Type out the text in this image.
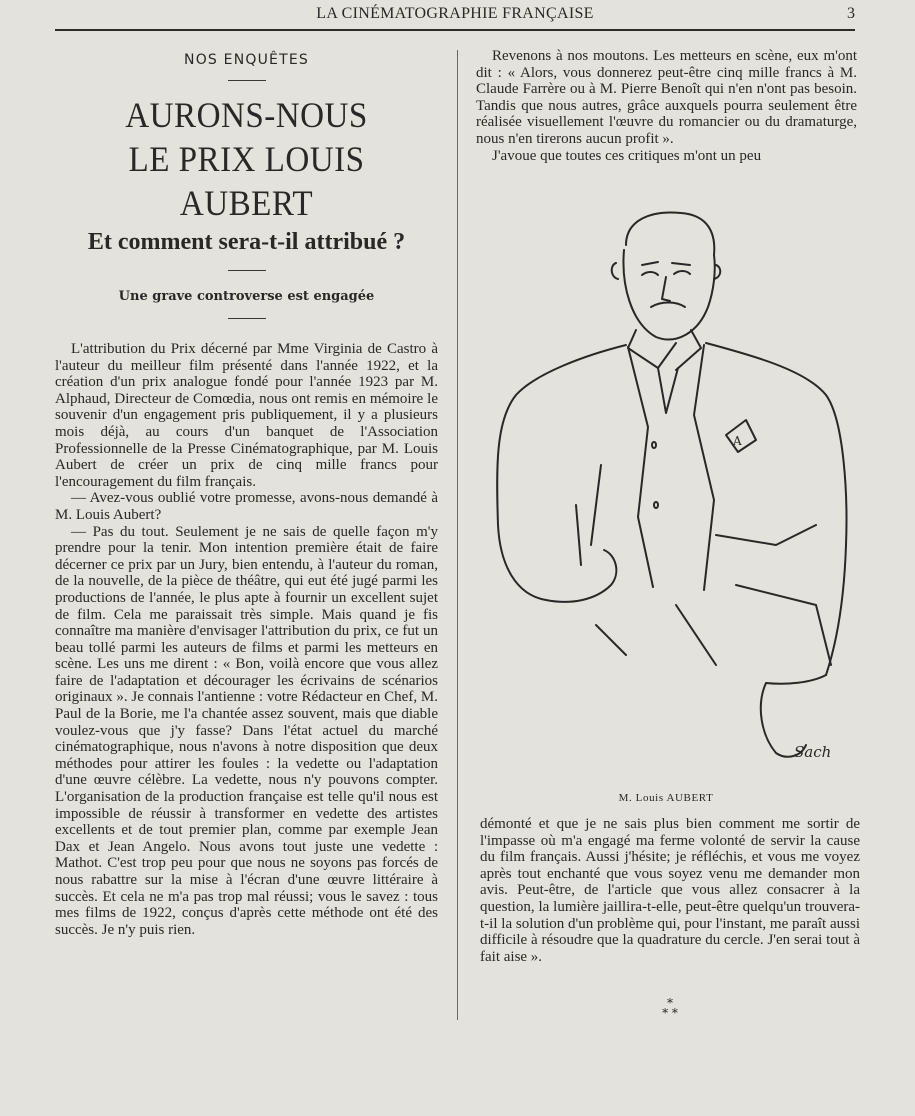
LA CINÉMATOGRAPHIE FRANÇAISE	3
NOS ENQUÊTES
AURONS-NOUS
LE PRIX LOUIS AUBERT
Et comment sera-t-il attribué ?
Une grave controverse est engagée

L'attribution du Prix décerné par Mme Virginia de Castro à l'auteur du meilleur film présenté dans l'année 1922, et la création d'un prix analogue fondé pour l'année 1923 par M. Alphaud, Directeur de Comœdia, nous ont remis en mémoire le souvenir d'un engagement pris publiquement, il y a plusieurs mois déjà, au cours d'un banquet de l'Association Professionnelle de la Presse Cinématographique, par M. Louis Aubert de créer un prix de cinq mille francs pour l'encouragement du film français.

— Avez-vous oublié votre promesse, avons-nous demandé à M. Louis Aubert?

— Pas du tout. Seulement je ne sais de quelle façon m'y prendre pour la tenir. Mon intention première était de faire décerner ce prix par un Jury, bien entendu, à l'auteur du roman, de la nouvelle, de la pièce de théâtre, qui eut été jugé parmi les productions de l'année, le plus apte à fournir un excellent sujet de film. Cela me paraissait très simple. Mais quand je fis connaître ma manière d'envisager l'attribution du prix, ce fut un beau tollé parmi les auteurs de films et parmi les metteurs en scène. Les uns me dirent : « Bon, voilà encore que vous allez faire de l'adaptation et décourager les écrivains de scénarios originaux ». Je connais l'antienne : votre Rédacteur en Chef, M. Paul de la Borie, me l'a chantée assez souvent, mais que diable voulez-vous que j'y fasse? Dans l'état actuel du marché cinématographique, nous n'avons à notre disposition que deux méthodes pour attirer les foules : la vedette ou l'adaptation d'une œuvre célèbre. La vedette, nous n'y pouvons compter. L'organisation de la production française est telle qu'il nous est impossible de réussir à transformer en vedette des artistes excellents et de tout premier plan, comme par exemple Jean Dax et Jean Angelo. Nous avons tout juste une vedette : Mathot. C'est trop peu pour que nous ne soyons pas forcés de nous rabattre sur la mise à l'écran d'une œuvre littéraire à succès. Et cela ne m'a pas trop mal réussi; vous le savez : tous mes films de 1922, conçus d'après cette méthode ont été des succès. Je n'y puis rien.

Revenons à nos moutons. Les metteurs en scène, eux m'ont dit : « Alors, vous donnerez peut-être cinq mille francs à M. Claude Farrère ou à M. Pierre Benoît qui n'en n'ont pas besoin. Tandis que nous autres, grâce auxquels pourra seulement être réalisée visuellement l'œuvre du romancier ou du dramaturge, nous n'en tirerons aucun profit ».

J'avoue que toutes ces critiques m'ont un peu

A
Sach
M. Louis AUBERT

démonté et que je ne sais plus bien comment me sortir de l'impasse où m'a engagé ma ferme volonté de servir la cause du film français. Aussi j'hésite; je réfléchis, et vous me voyez après tout enchanté que vous soyez venu me demander mon avis. Peut-être, de l'article que vous allez consacrer à la question, la lumière jaillira-t-elle, peut-être quelqu'un trouvera-t-il la solution d'un problème qui, pour l'instant, me paraît aussi difficile à résoudre que la quadrature du cercle. J'en serai tout à fait aise ».

*
* *
